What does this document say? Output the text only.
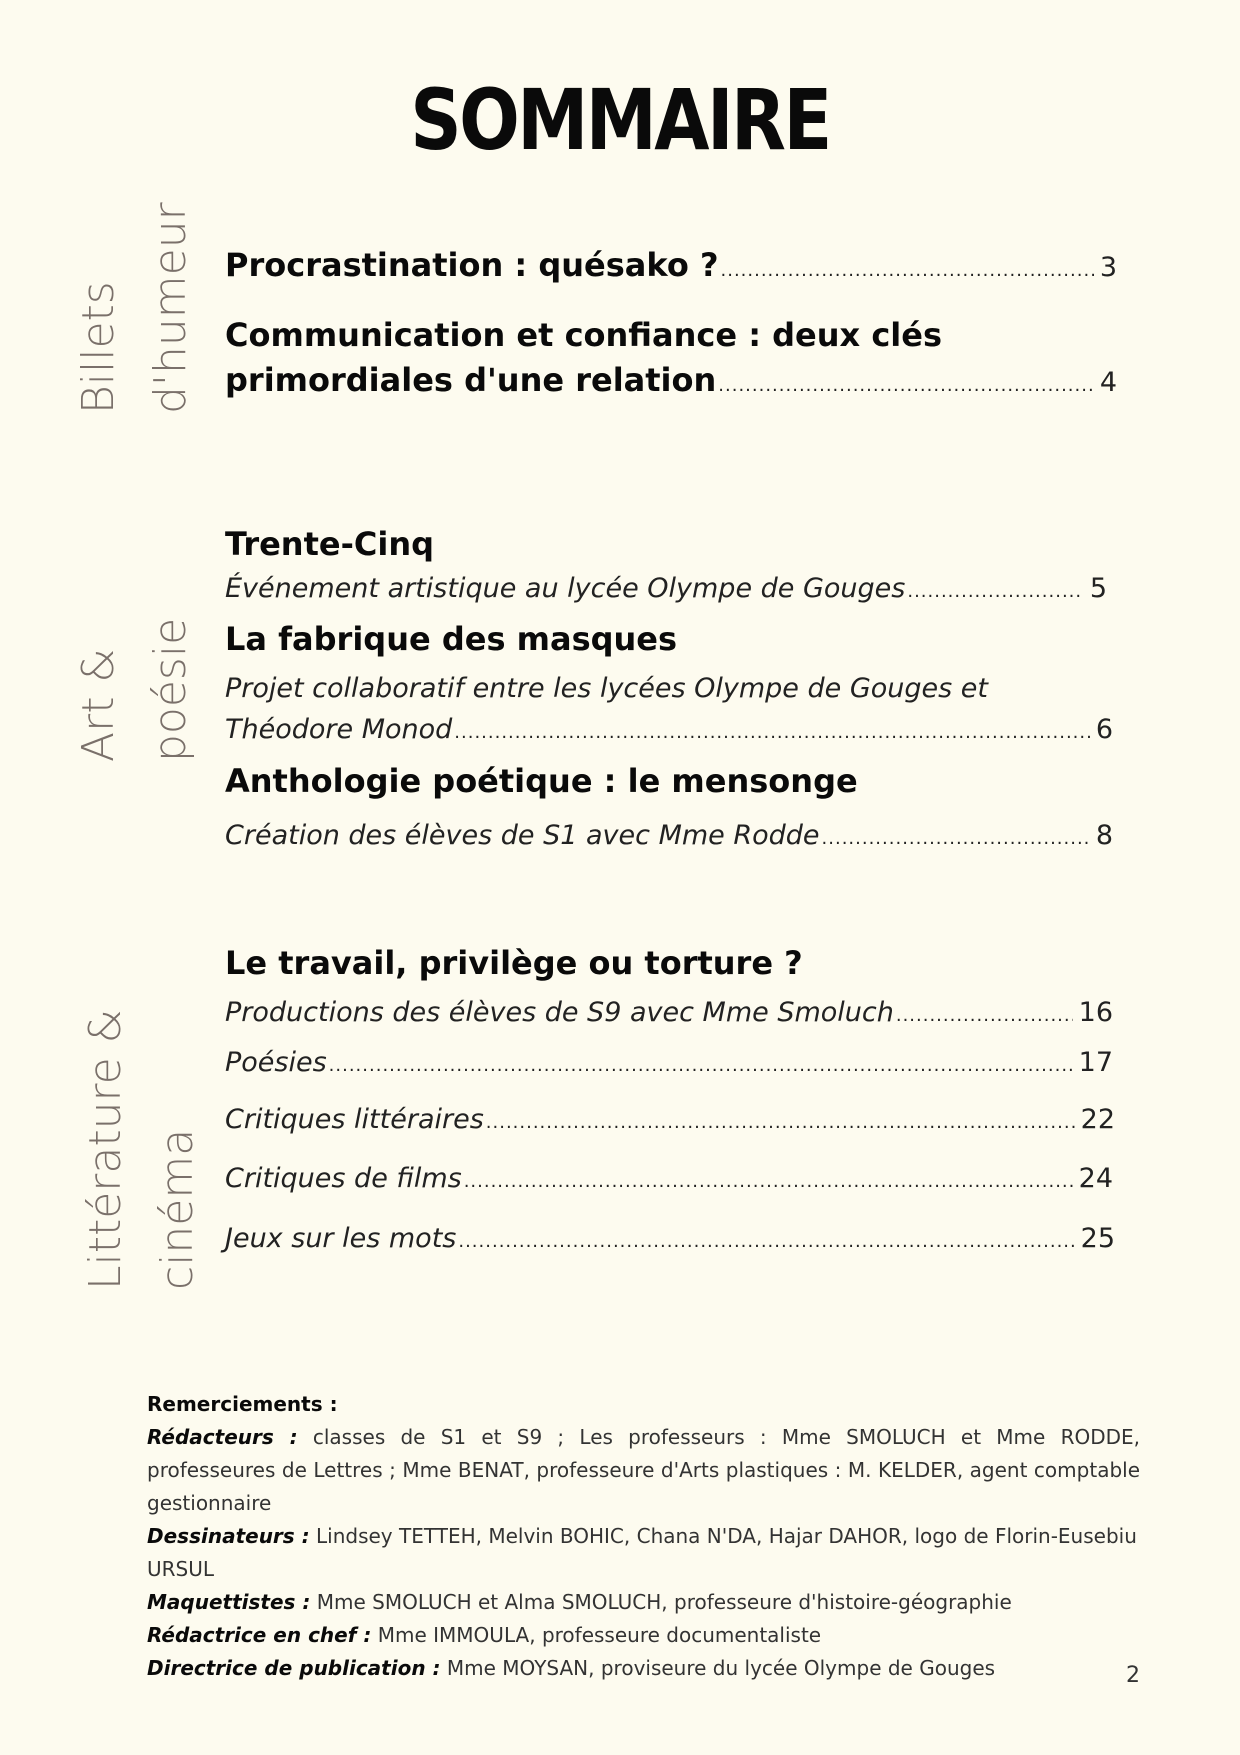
SOMMAIRE
Billets d'humeur
Art & poésie
Littérature & cinéma
Procrastination : quésako ? .....	3
Communication et confiance : deux clés
primordiales d'une relation .....	4
Trente-Cinq
Événement artistique au lycée Olympe de Gouges .....	5
La fabrique des masques
Projet collaboratif entre les lycées Olympe de Gouges et
Théodore Monod .....	6
Anthologie poétique : le mensonge
Création des élèves de S1 avec Mme Rodde .....	8
Le travail, privilège ou torture ?
Productions des élèves de S9 avec Mme Smoluch .....	16
Poésies .....	17
Critiques littéraires .....	22
Critiques de films .....	24
Jeux sur les mots .....	25
Remerciements :
Rédacteurs : classes de S1 et S9 ; Les professeurs : Mme SMOLUCH et Mme RODDE, professeures de Lettres ; Mme BENAT, professeure d'Arts plastiques : M. KELDER, agent comptable gestionnaire
Dessinateurs : Lindsey TETTEH, Melvin BOHIC, Chana N'DA, Hajar DAHOR, logo de Florin-Eusebiu URSUL
Maquettistes : Mme SMOLUCH et Alma SMOLUCH, professeure d'histoire-géographie
Rédactrice en chef : Mme IMMOULA, professeure documentaliste
Directrice de publication : Mme MOYSAN, proviseure du lycée Olympe de Gouges	2
